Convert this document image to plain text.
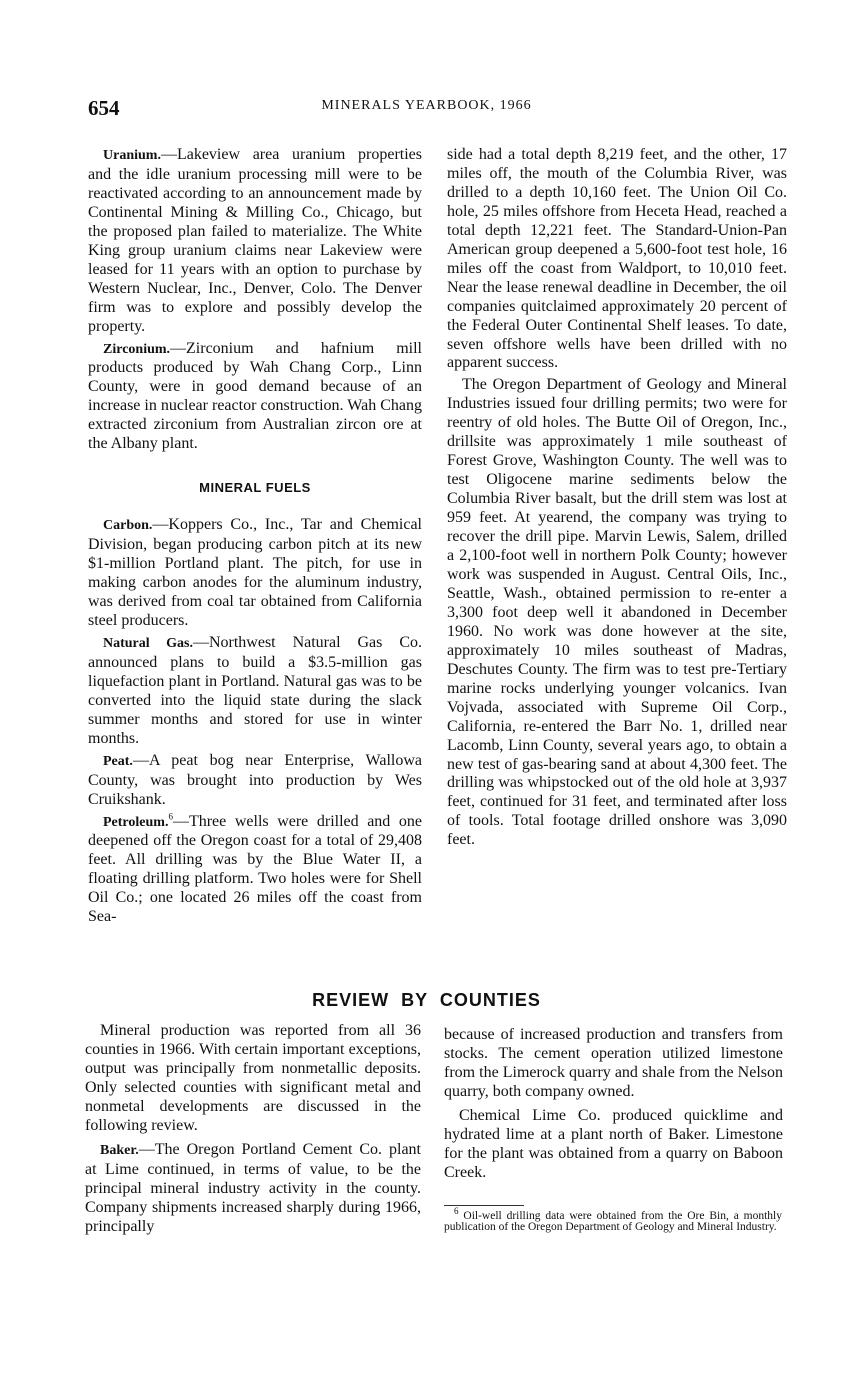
654	MINERALS YEARBOOK, 1966

Uranium.—Lakeview area uranium properties and the idle uranium processing mill were to be reactivated according to an announcement made by Continental Mining & Milling Co., Chicago, but the proposed plan failed to materialize. The White King group uranium claims near Lakeview were leased for 11 years with an option to purchase by Western Nuclear, Inc., Denver, Colo. The Denver firm was to explore and possibly develop the property.

Zirconium.—Zirconium and hafnium mill products produced by Wah Chang Corp., Linn County, were in good demand because of an increase in nuclear reactor construction. Wah Chang extracted zirconium from Australian zircon ore at the Albany plant.

MINERAL FUELS

Carbon.—Koppers Co., Inc., Tar and Chemical Division, began producing carbon pitch at its new $1-million Portland plant. The pitch, for use in making carbon anodes for the aluminum industry, was derived from coal tar obtained from California steel producers.

Natural Gas.—Northwest Natural Gas Co. announced plans to build a $3.5-million gas liquefaction plant in Portland. Natural gas was to be converted into the liquid state during the slack summer months and stored for use in winter months.

Peat.—A peat bog near Enterprise, Wallowa County, was brought into production by Wes Cruikshank.

Petroleum.$^6$—Three wells were drilled and one deepened off the Oregon coast for a total of 29,408 feet. All drilling was by the Blue Water II, a floating drilling platform. Two holes were for Shell Oil Co.; one located 26 miles off the coast from Sea-

side had a total depth 8,219 feet, and the other, 17 miles off, the mouth of the Columbia River, was drilled to a depth 10,160 feet. The Union Oil Co. hole, 25 miles offshore from Heceta Head, reached a total depth 12,221 feet. The Standard-Union-Pan American group deepened a 5,600-foot test hole, 16 miles off the coast from Waldport, to 10,010 feet. Near the lease renewal deadline in December, the oil companies quitclaimed approximately 20 percent of the Federal Outer Continental Shelf leases. To date, seven offshore wells have been drilled with no apparent success.

The Oregon Department of Geology and Mineral Industries issued four drilling permits; two were for reentry of old holes. The Butte Oil of Oregon, Inc., drillsite was approximately 1 mile southeast of Forest Grove, Washington County. The well was to test Oligocene marine sediments below the Columbia River basalt, but the drill stem was lost at 959 feet. At yearend, the company was trying to recover the drill pipe. Marvin Lewis, Salem, drilled a 2,100-foot well in northern Polk County; however work was suspended in August. Central Oils, Inc., Seattle, Wash., obtained permission to re-enter a 3,300 foot deep well it abandoned in December 1960. No work was done however at the site, approximately 10 miles southeast of Madras, Deschutes County. The firm was to test pre-Tertiary marine rocks underlying younger volcanics. Ivan Vojvada, associated with Supreme Oil Corp., California, re-entered the Barr No. 1, drilled near Lacomb, Linn County, several years ago, to obtain a new test of gas-bearing sand at about 4,300 feet. The drilling was whipstocked out of the old hole at 3,937 feet, continued for 31 feet, and terminated after loss of tools. Total footage drilled onshore was 3,090 feet.

REVIEW BY COUNTIES

Mineral production was reported from all 36 counties in 1966. With certain important exceptions, output was principally from nonmetallic deposits. Only selected counties with significant metal and nonmetal developments are discussed in the following review.

Baker.—The Oregon Portland Cement Co. plant at Lime continued, in terms of value, to be the principal mineral industry activity in the county. Company shipments increased sharply during 1966, principally

because of increased production and transfers from stocks. The cement operation utilized limestone from the Limerock quarry and shale from the Nelson quarry, both company owned.

Chemical Lime Co. produced quicklime and hydrated lime at a plant north of Baker. Limestone for the plant was obtained from a quarry on Baboon Creek.

$^6$ Oil-well drilling data were obtained from the Ore Bin, a monthly publication of the Oregon Department of Geology and Mineral Industry.
